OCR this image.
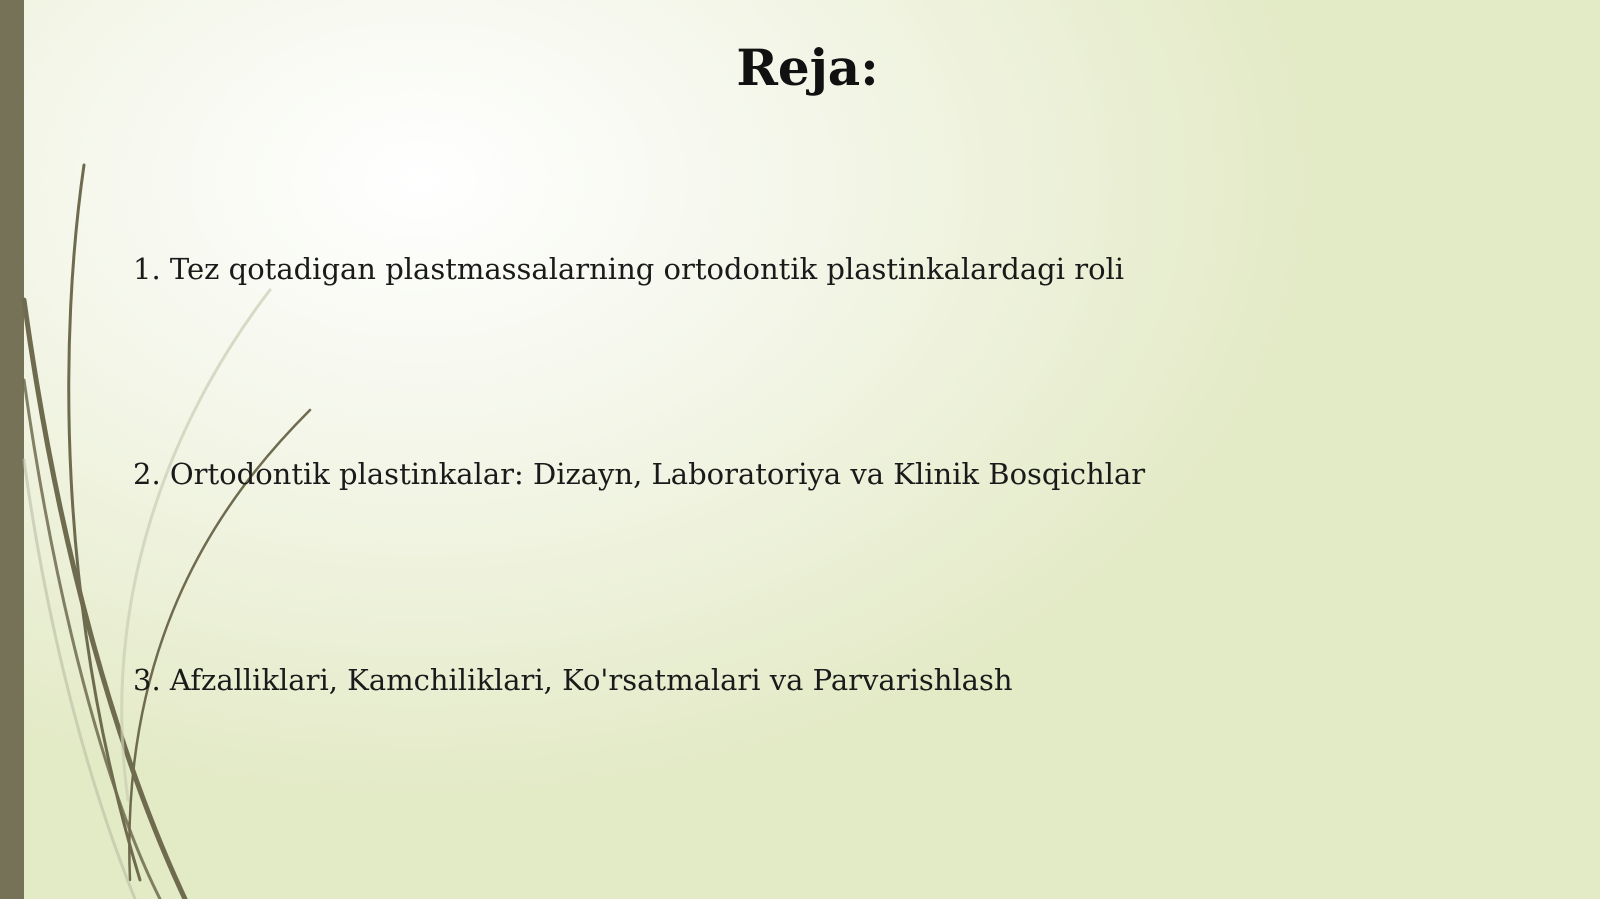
Reja:

1. Tez qotadigan plastmassalarning ortodontik plastinkalardagi roli

2. Ortodontik plastinkalar: Dizayn, Laboratoriya va Klinik Bosqichlar

3. Afzalliklari, Kamchiliklari, Ko'rsatmalari va Parvarishlash
